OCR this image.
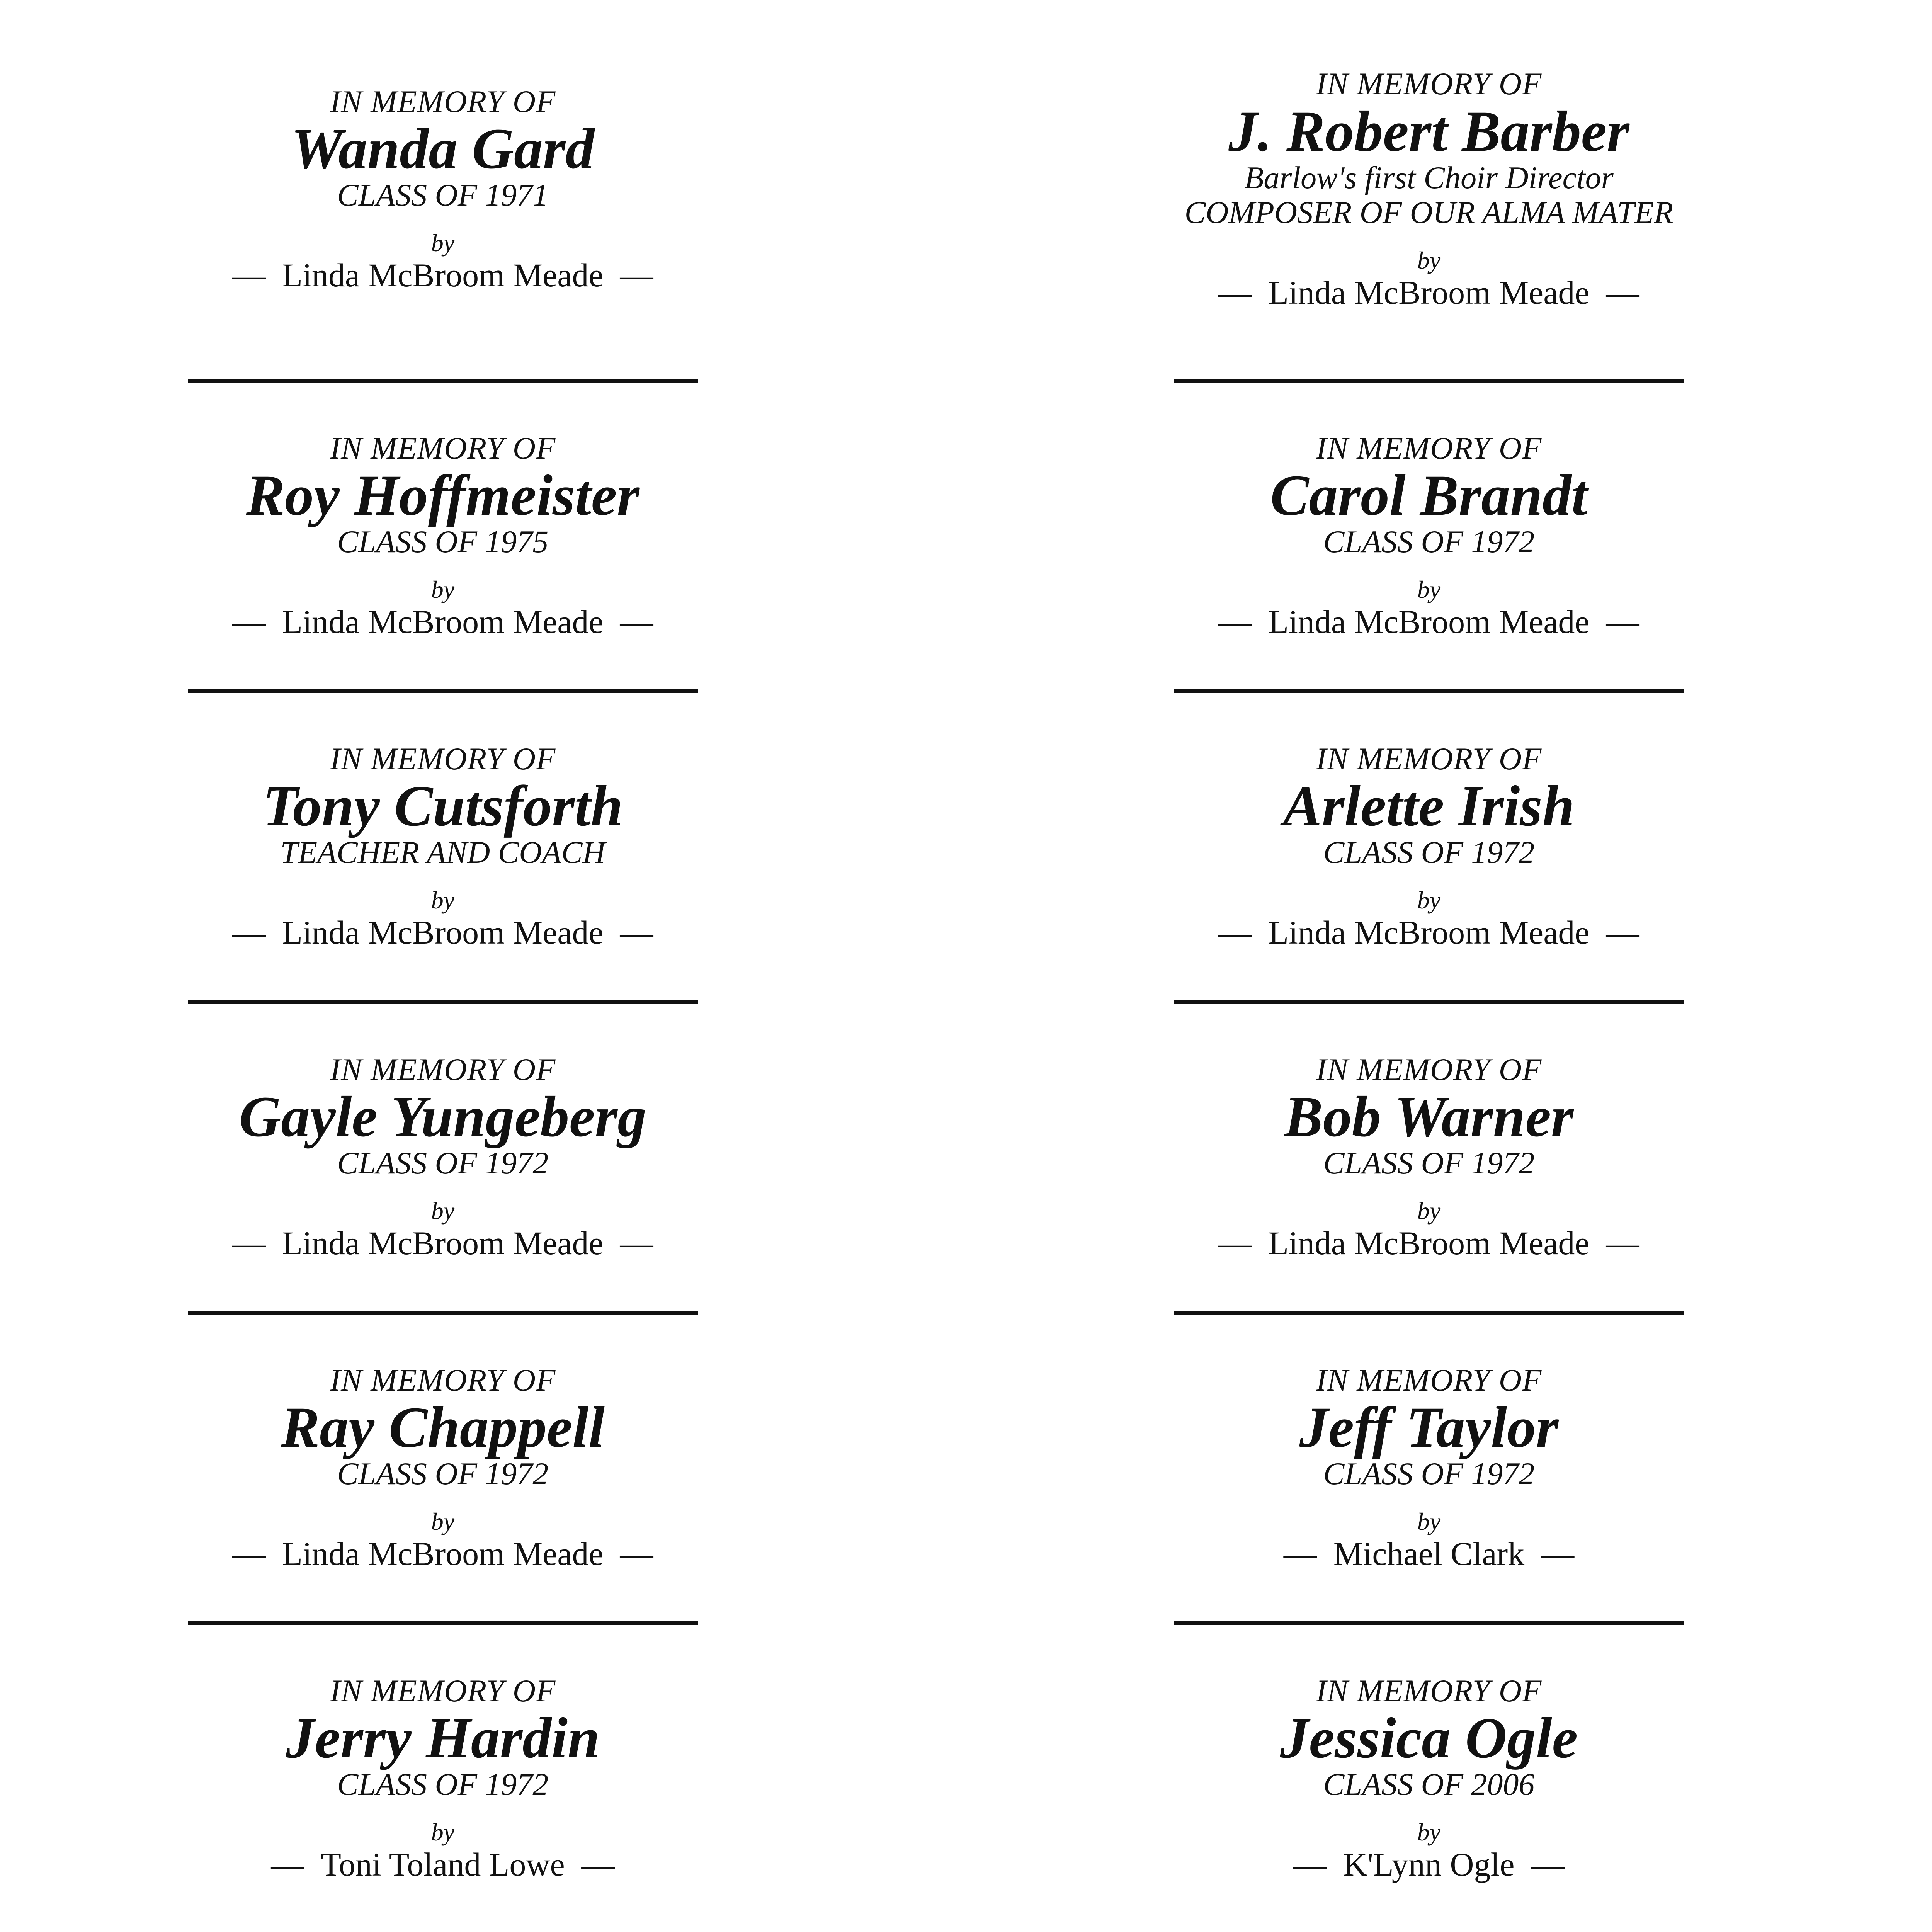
IN MEMORY OF
Wanda Gard
CLASS OF 1971
by
—  Linda McBroom Meade  —
IN MEMORY OF
Roy Hoffmeister
CLASS OF 1975
by
—  Linda McBroom Meade  —
IN MEMORY OF
Tony Cutsforth
TEACHER AND COACH
by
—  Linda McBroom Meade  —
IN MEMORY OF
Gayle Yungeberg
CLASS OF 1972
by
—  Linda McBroom Meade  —
IN MEMORY OF
Ray Chappell
CLASS OF 1972
by
—  Linda McBroom Meade  —
IN MEMORY OF
Jerry Hardin
CLASS OF 1972
by
—  Toni Toland Lowe  —
IN MEMORY OF
J. Robert Barber
Barlow's first Choir Director
COMPOSER OF OUR ALMA MATER
by
—  Linda McBroom Meade  —
IN MEMORY OF
Carol Brandt
CLASS OF 1972
by
—  Linda McBroom Meade  —
IN MEMORY OF
Arlette Irish
CLASS OF 1972
by
—  Linda McBroom Meade  —
IN MEMORY OF
Bob Warner
CLASS OF 1972
by
—  Linda McBroom Meade  —
IN MEMORY OF
Jeff Taylor
CLASS OF 1972
by
—  Michael Clark  —
IN MEMORY OF
Jessica Ogle
CLASS OF 2006
by
—  K'Lynn Ogle  —
